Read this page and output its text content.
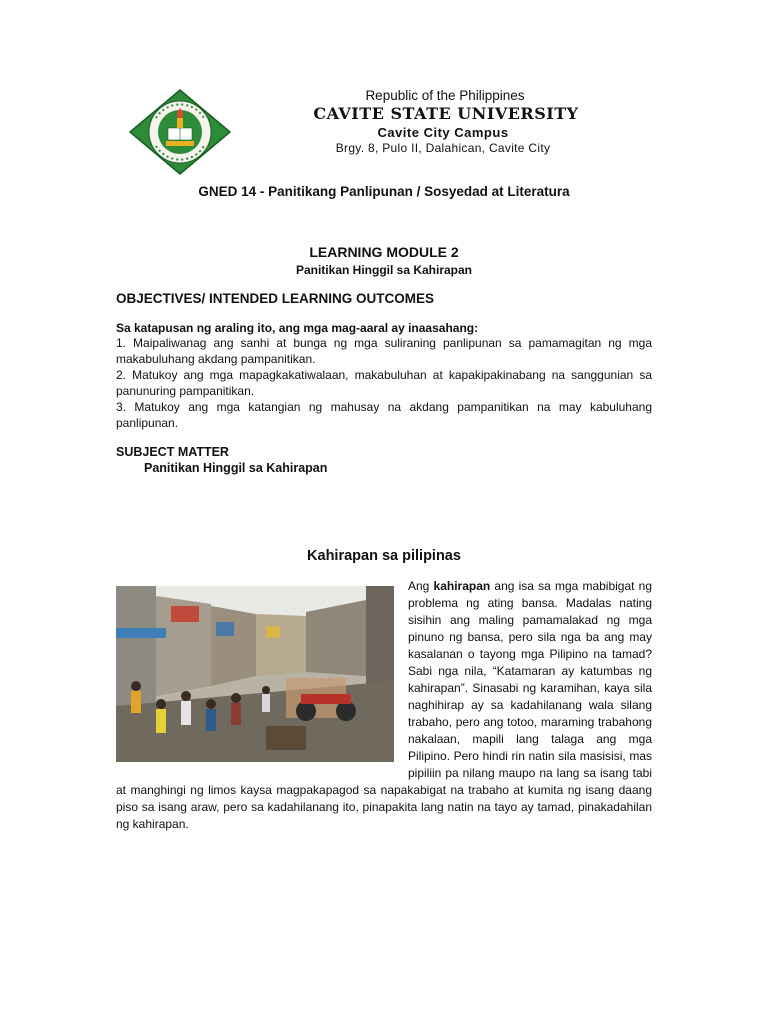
Republic of the Philippines
CAVITE STATE UNIVERSITY
Cavite City Campus
Brgy. 8, Pulo II, Dalahican, Cavite City
GNED 14 - Panitikang Panlipunan / Sosyedad at Literatura
LEARNING MODULE 2
Panitikan Hinggil sa Kahirapan
OBJECTIVES/ INTENDED LEARNING OUTCOMES
Sa katapusan ng araling ito, ang mga mag-aaral ay inaasahang:
1. Maipaliwanag ang sanhi at bunga ng mga suliraning panlipunan sa pamamagitan ng mga makabuluhang akdang pampanitikan.
2. Matukoy ang mga mapagkakatiwalaan, makabuluhan at kapakipakinabang na sanggunian sa panunuring pampanitikan.
3. Matukoy ang mga katangian ng mahusay na akdang pampanitikan na may kabuluhang panlipunan.
SUBJECT MATTER
Panitikan Hinggil sa Kahirapan
Kahirapan sa pilipinas

Ang kahirapan ang isa sa mga mabibigat ng problema ng ating bansa. Madalas nating sisihin ang maling pamamalakad ng mga pinuno ng bansa, pero sila nga ba ang may kasalanan o tayong mga Pilipino na tamad? Sabi nga nila, “Katamaran ay katumbas ng kahirapan”. Sinasabi ng karamihan, kaya sila naghihirap ay sa kadahilanang wala silang trabaho, pero ang totoo, maraming trabahong nakalaan, mapili lang talaga ang mga Pilipino. Pero hindi rin natin sila masisisi, mas pipiliin pa nilang maupo na lang sa isang tabi at manghingi ng limos kaysa magpakapagod sa napakabigat na trabaho at kumita ng isang daang piso sa isang araw, pero sa kadahilanang ito, pinapakita lang natin na tayo ay tamad, pinakadahilan ng kahirapan.
